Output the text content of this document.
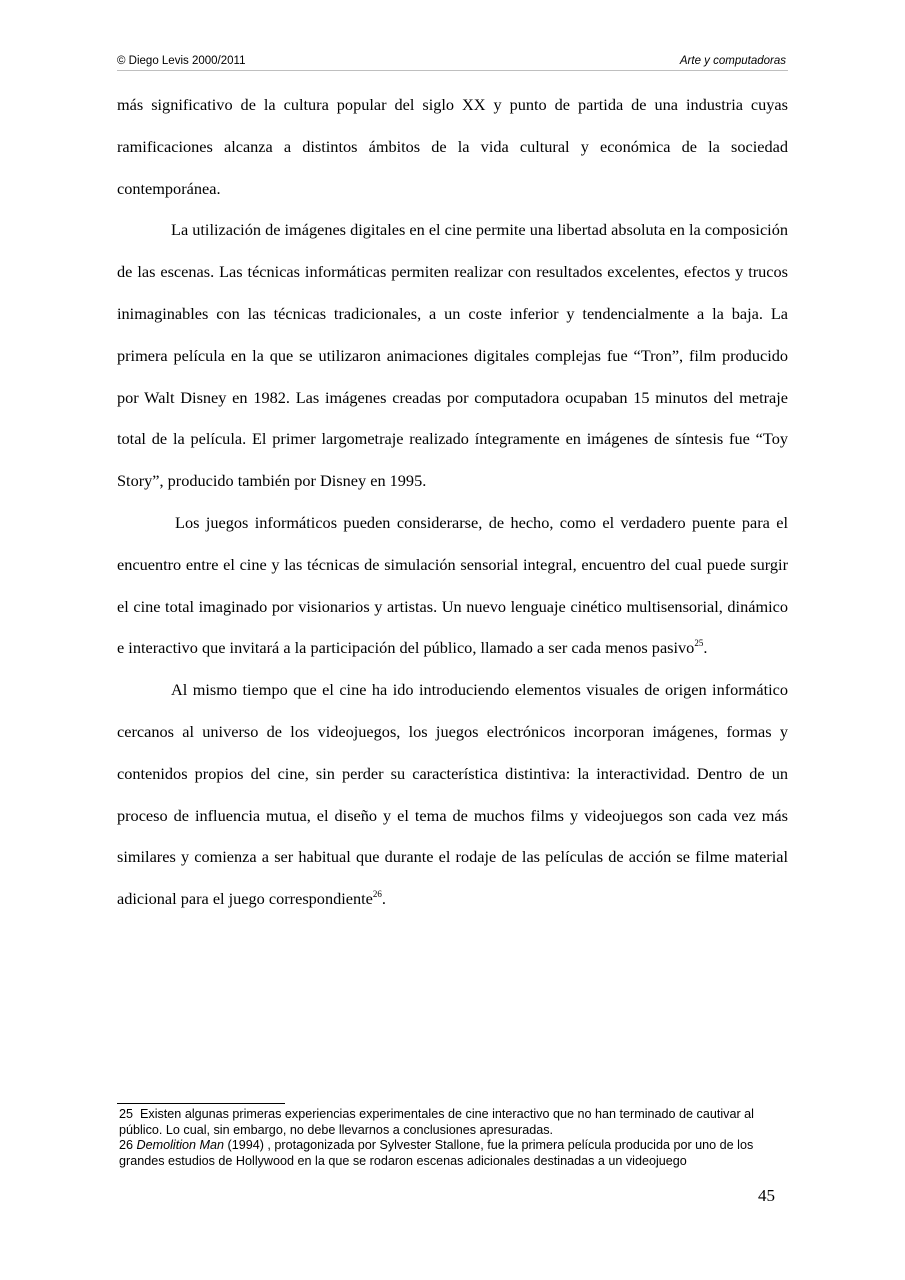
© Diego Levis 2000/2011	Arte y computadoras

más significativo de la cultura popular del siglo XX y punto de partida de una industria cuyas ramificaciones alcanza a distintos ámbitos de la vida cultural y económica de la sociedad contemporánea.

La utilización de imágenes digitales en el cine permite una libertad absoluta en la composición de las escenas. Las técnicas informáticas permiten realizar con resultados excelentes, efectos y trucos inimaginables con las técnicas tradicionales, a un coste inferior y tendencialmente a la baja. La primera película en la que se utilizaron animaciones digitales complejas fue “Tron”, film producido por Walt Disney en 1982. Las imágenes creadas por computadora ocupaban 15 minutos del metraje total de la película. El primer largometraje realizado íntegramente en imágenes de síntesis fue “Toy Story”, producido también por Disney en 1995.

Los juegos informáticos pueden considerarse, de hecho, como el verdadero puente para el encuentro entre el cine y las técnicas de simulación sensorial integral, encuentro del cual puede surgir el cine total imaginado por visionarios y artistas. Un nuevo lenguaje cinético multisensorial, dinámico e interactivo que invitará a la participación del público, llamado a ser cada menos pasivo$^{25}$.

Al mismo tiempo que el cine ha ido introduciendo elementos visuales de origen informático cercanos al universo de los videojuegos, los juegos electrónicos incorporan imágenes, formas y contenidos propios del cine, sin perder su característica distintiva: la interactividad. Dentro de un proceso de influencia mutua, el diseño y el tema de muchos films y videojuegos son cada vez más similares y comienza a ser habitual que durante el rodaje de las películas de acción se filme material adicional para el juego correspondiente$^{26}$.

25 Existen algunas primeras experiencias experimentales de cine interactivo que no han terminado de cautivar al público. Lo cual, sin embargo, no debe llevarnos a conclusiones apresuradas.

26 Demolition Man (1994) , protagonizada por Sylvester Stallone, fue la primera película producida por uno de los grandes estudios de Hollywood en la que se rodaron escenas adicionales destinadas a un videojuego

45
